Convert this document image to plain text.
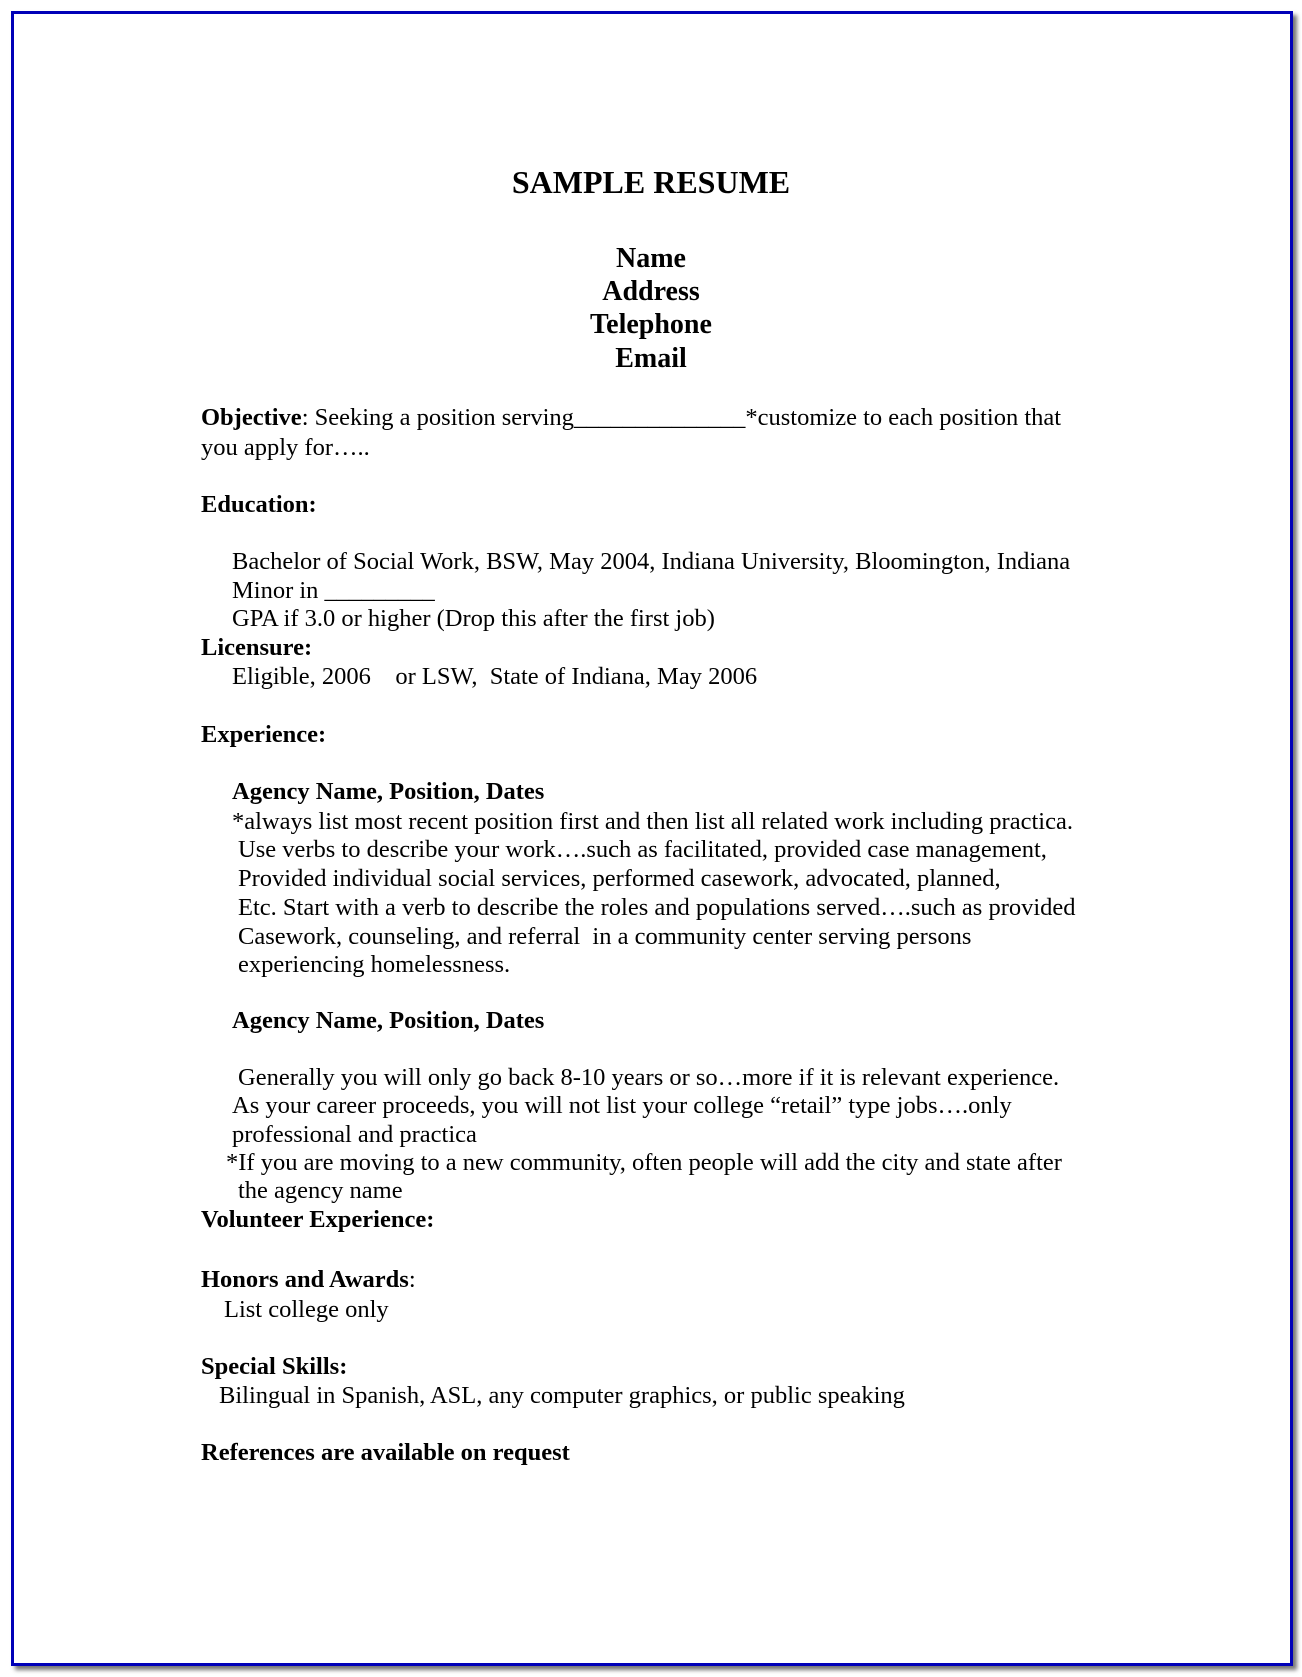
SAMPLE RESUME
Name
Address
Telephone
Email
Objective: Seeking a position serving______________*customize to each position that
you apply for…..
Education:
Bachelor of Social Work, BSW, May 2004, Indiana University, Bloomington, Indiana
Minor in _________
GPA if 3.0 or higher (Drop this after the first job)
Licensure:
Eligible, 2006    or LSW,  State of Indiana, May 2006
Experience:
Agency Name, Position, Dates
*always list most recent position first and then list all related work including practica.
Use verbs to describe your work….such as facilitated, provided case management,
Provided individual social services, performed casework, advocated, planned,
Etc. Start with a verb to describe the roles and populations served….such as provided
Casework, counseling, and referral  in a community center serving persons
experiencing homelessness.
Agency Name, Position, Dates
Generally you will only go back 8-10 years or so…more if it is relevant experience.
As your career proceeds, you will not list your college “retail” type jobs….only
professional and practica
*If you are moving to a new community, often people will add the city and state after
the agency name
Volunteer Experience:
Honors and Awards:
List college only
Special Skills:
Bilingual in Spanish, ASL, any computer graphics, or public speaking
References are available on request
